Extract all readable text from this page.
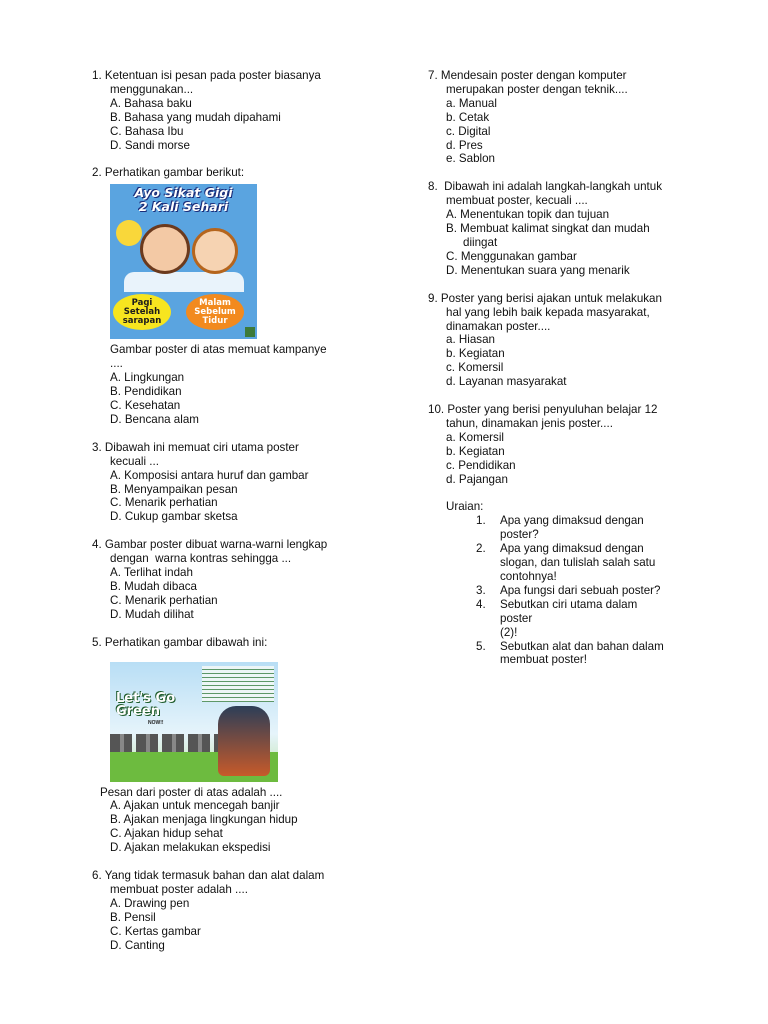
1. Ketentuan isi pesan pada poster biasanya
menggunakan...
A. Bahasa baku
B. Bahasa yang mudah dipahami
C. Bahasa Ibu
D. Sandi morse
2. Perhatikan gambar berikut:
Ayo Sikat Gigi
2 Kali Sehari
Pagi
Setelah
sarapan
Malam
Sebelum
Tidur
Gambar poster di atas memuat kampanye
....
A. Lingkungan
B. Pendidikan
C. Kesehatan
D. Bencana alam
3. Dibawah ini memuat ciri utama poster
kecuali ...
A. Komposisi antara huruf dan gambar
B. Menyampaikan pesan
C. Menarik perhatian
D. Cukup gambar sketsa
4. Gambar poster dibuat warna-warni lengkap
dengan  warna kontras sehingga ...
A. Terlihat indah
B. Mudah dibaca
C. Menarik perhatian
D. Mudah dilihat
5. Perhatikan gambar dibawah ini:
Let's Go
Green
NOW!!
Pesan dari poster di atas adalah ....
A. Ajakan untuk mencegah banjir
B. Ajakan menjaga lingkungan hidup
C. Ajakan hidup sehat
D. Ajakan melakukan ekspedisi
6. Yang tidak termasuk bahan dan alat dalam
membuat poster adalah ....
A. Drawing pen
B. Pensil
C. Kertas gambar
D. Canting
7. Mendesain poster dengan komputer
merupakan poster dengan teknik....
a. Manual
b. Cetak
c. Digital
d. Pres
e. Sablon
8.  Dibawah ini adalah langkah-langkah untuk
membuat poster, kecuali ....
A. Menentukan topik dan tujuan
B. Membuat kalimat singkat dan mudah
diingat
C. Menggunakan gambar
D. Menentukan suara yang menarik
9. Poster yang berisi ajakan untuk melakukan
hal yang lebih baik kepada masyarakat,
dinamakan poster....
a. Hiasan
b. Kegiatan
c. Komersil
d. Layanan masyarakat
10. Poster yang berisi penyuluhan belajar 12
tahun, dinamakan jenis poster....
a. Komersil
b. Kegiatan
c. Pendidikan
d. Pajangan
Uraian:
1.	Apa yang dimaksud dengan
poster?
2.	Apa yang dimaksud dengan
slogan, dan tulislah salah satu
contohnya!
3.	Apa fungsi dari sebuah poster?
4.	Sebutkan ciri utama dalam poster
(2)!
5.	Sebutkan alat dan bahan dalam
membuat poster!
